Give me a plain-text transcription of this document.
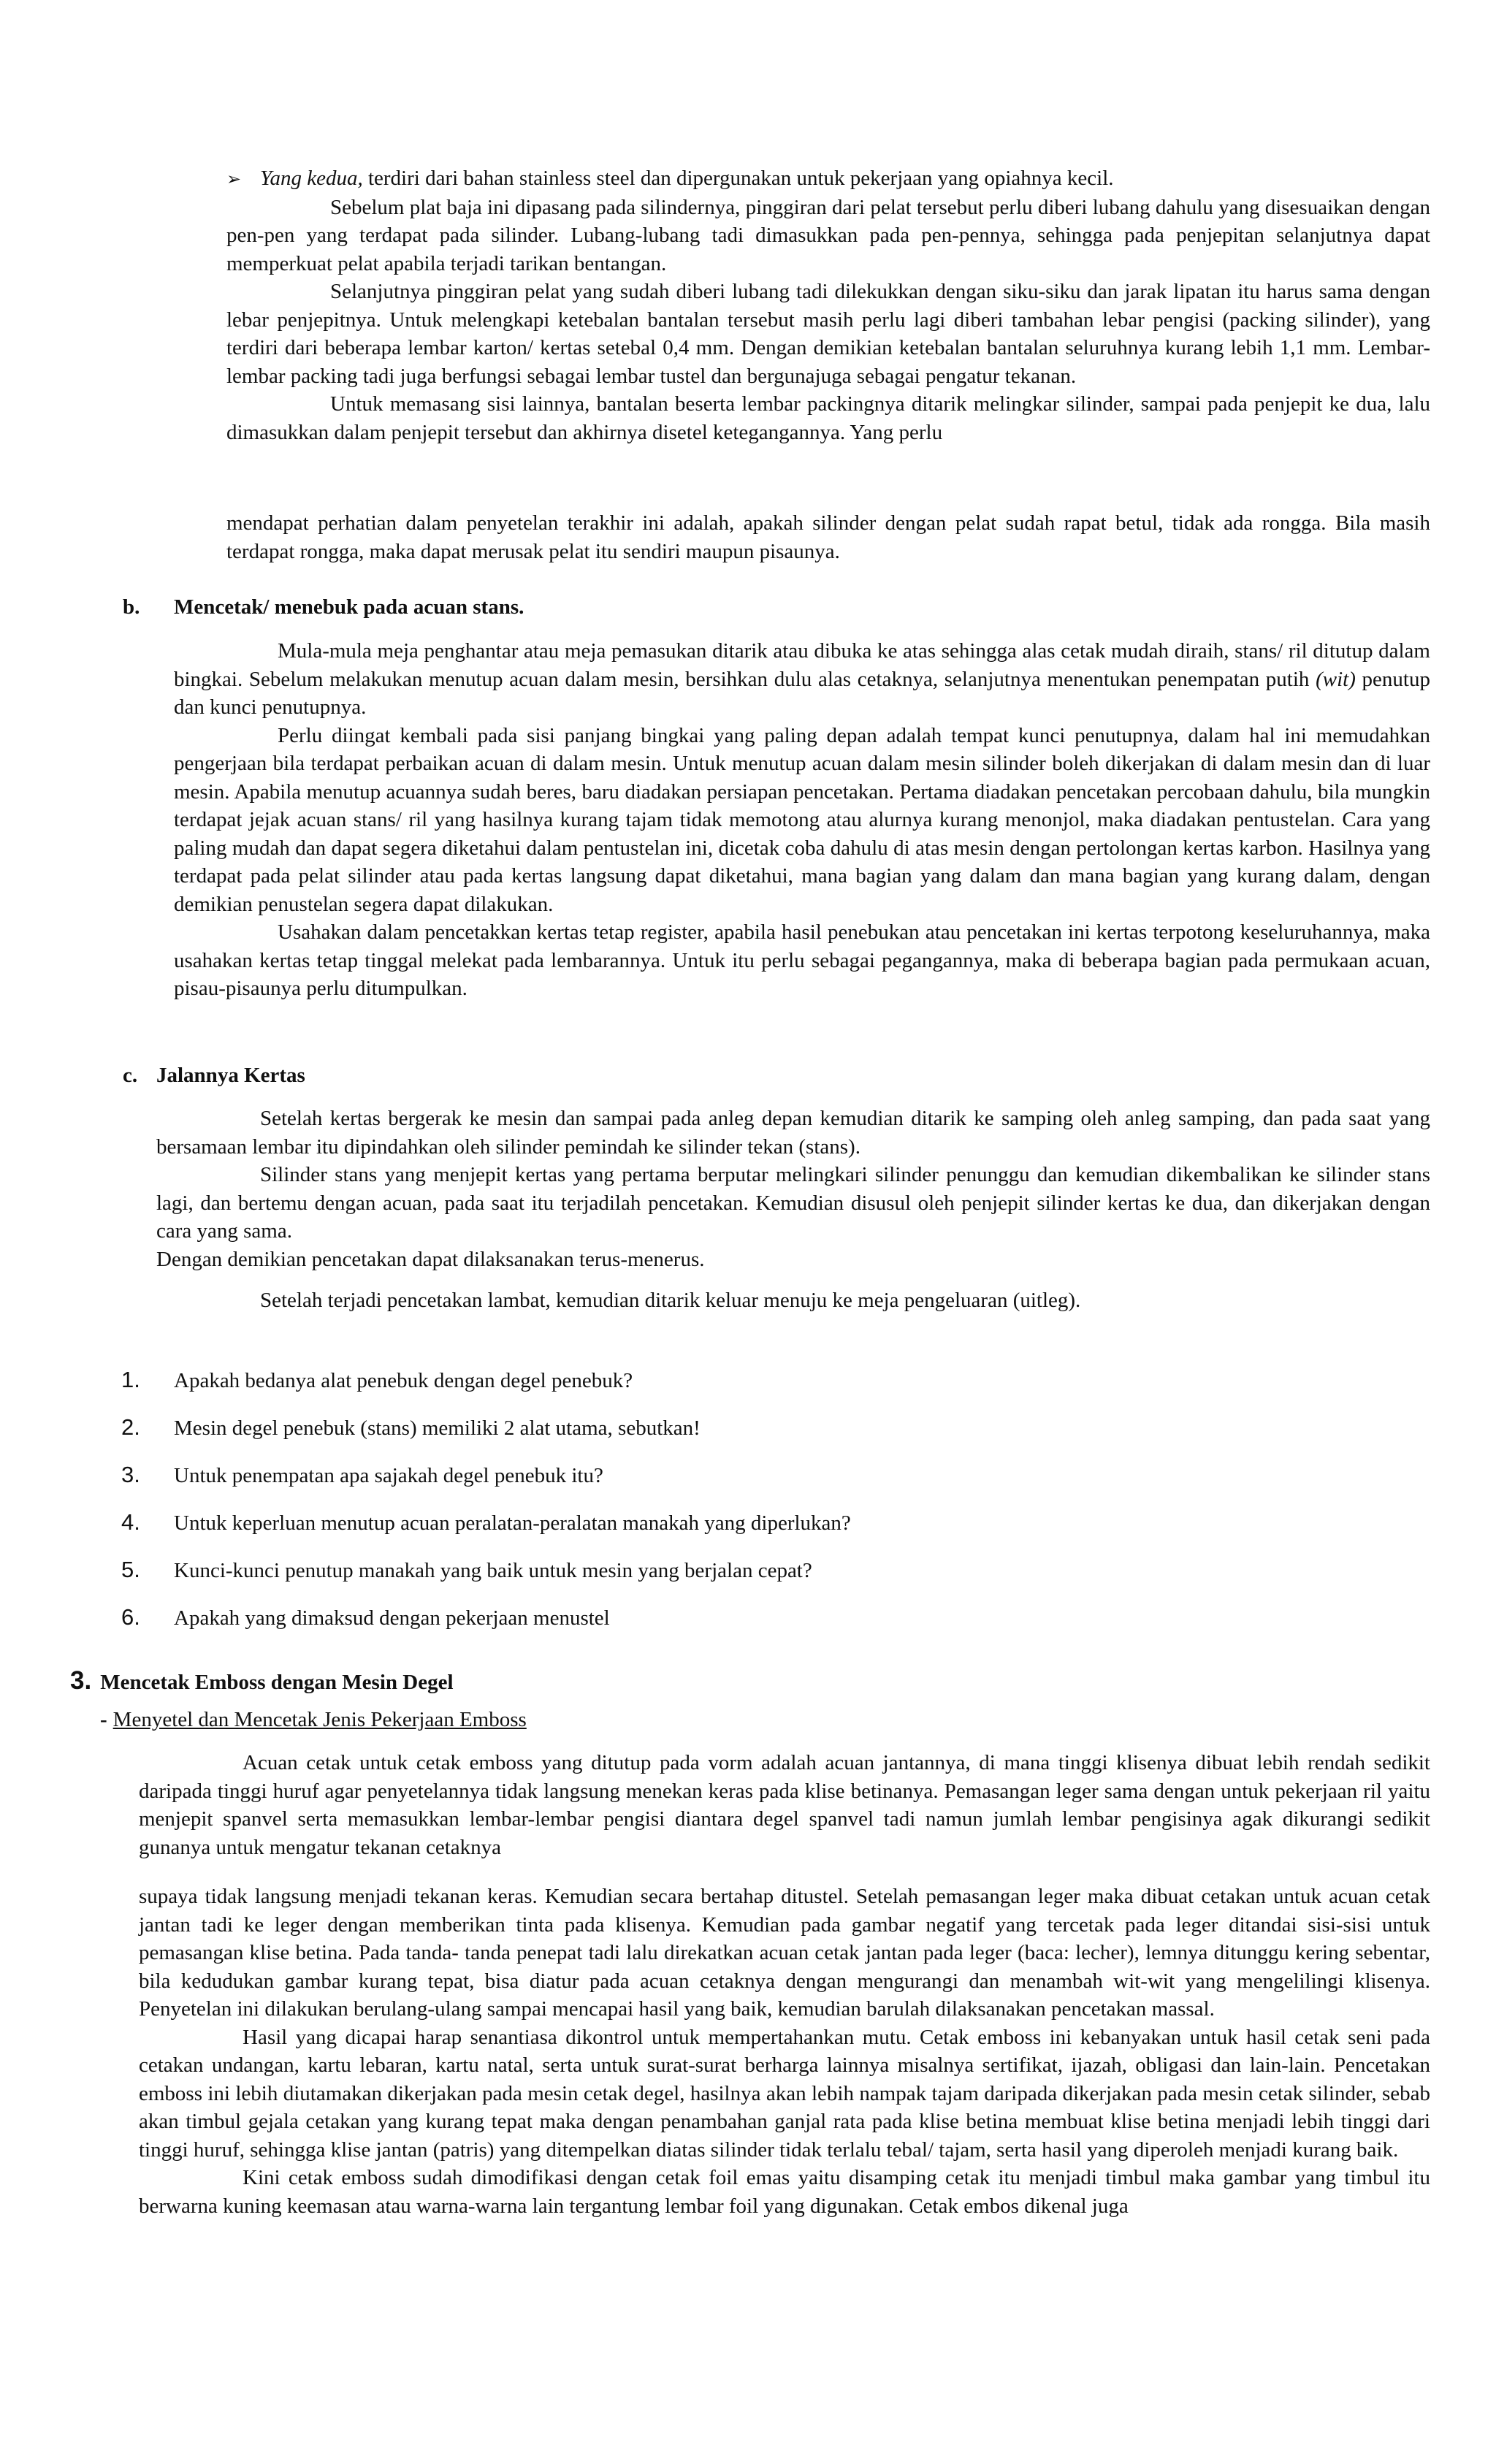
➢ Yang kedua, terdiri dari bahan stainless steel dan dipergunakan untuk pekerjaan yang opiahnya kecil.

Sebelum plat baja ini dipasang pada silindernya, pinggiran dari pelat tersebut perlu diberi lubang dahulu yang disesuaikan dengan pen-pen yang terdapat pada silinder. Lubang-lubang tadi dimasukkan pada pen-pennya, sehingga pada penjepitan selanjutnya dapat memperkuat pelat apabila terjadi tarikan bentangan.

Selanjutnya pinggiran pelat yang sudah diberi lubang tadi dilekukkan dengan siku-siku dan jarak lipatan itu harus sama dengan lebar penjepitnya. Untuk melengkapi ketebalan bantalan tersebut masih perlu lagi diberi tambahan lebar pengisi (packing silinder), yang terdiri dari beberapa lembar karton/ kertas setebal 0,4 mm. Dengan demikian ketebalan bantalan seluruhnya kurang lebih 1,1 mm. Lembar-lembar packing tadi juga berfungsi sebagai lembar tustel dan bergunajuga sebagai pengatur tekanan.

Untuk memasang sisi lainnya, bantalan beserta lembar packingnya ditarik melingkar silinder, sampai pada penjepit ke dua, lalu dimasukkan dalam penjepit tersebut dan akhirnya disetel ketegangannya. Yang perlu

mendapat perhatian dalam penyetelan terakhir ini adalah, apakah silinder dengan pelat sudah rapat betul, tidak ada rongga. Bila masih terdapat rongga, maka dapat merusak pelat itu sendiri maupun pisaunya.

b.	Mencetak/ menebuk pada acuan stans.

Mula-mula meja penghantar atau meja pemasukan ditarik atau dibuka ke atas sehingga alas cetak mudah diraih, stans/ ril ditutup dalam bingkai. Sebelum melakukan menutup acuan dalam mesin, bersihkan dulu alas cetaknya, selanjutnya menentukan penempatan putih (wit) penutup dan kunci penutupnya.

Perlu diingat kembali pada sisi panjang bingkai yang paling depan adalah tempat kunci penutupnya, dalam hal ini memudahkan pengerjaan bila terdapat perbaikan acuan di dalam mesin. Untuk menutup acuan dalam mesin silinder boleh dikerjakan di dalam mesin dan di luar mesin. Apabila menutup acuannya sudah beres, baru diadakan persiapan pencetakan. Pertama diadakan pencetakan percobaan dahulu, bila mungkin terdapat jejak acuan stans/ ril yang hasilnya kurang tajam tidak memotong atau alurnya kurang menonjol, maka diadakan pentustelan. Cara yang paling mudah dan dapat segera diketahui dalam pentustelan ini, dicetak coba dahulu di atas mesin dengan pertolongan kertas karbon. Hasilnya yang terdapat pada pelat silinder atau pada kertas langsung dapat diketahui, mana bagian yang dalam dan mana bagian yang kurang dalam, dengan demikian penustelan segera dapat dilakukan.

Usahakan dalam pencetakkan kertas tetap register, apabila hasil penebukan atau pencetakan ini kertas terpotong keseluruhannya, maka usahakan kertas tetap tinggal melekat pada lembarannya. Untuk itu perlu sebagai pegangannya, maka di beberapa bagian pada permukaan acuan, pisau-pisaunya perlu ditumpulkan.

c. Jalannya Kertas

Setelah kertas bergerak ke mesin dan sampai pada anleg depan kemudian ditarik ke samping oleh anleg samping, dan pada saat yang bersamaan lembar itu dipindahkan oleh silinder pemindah ke silinder tekan (stans).

Silinder stans yang menjepit kertas yang pertama berputar melingkari silinder penunggu dan kemudian dikembalikan ke silinder stans lagi, dan bertemu dengan acuan, pada saat itu terjadilah pencetakan. Kemudian disusul oleh penjepit silinder kertas ke dua, dan dikerjakan dengan cara yang sama.

Dengan demikian pencetakan dapat dilaksanakan terus-menerus.

Setelah terjadi pencetakan lambat, kemudian ditarik keluar menuju ke meja pengeluaran (uitleg).

1.	Apakah bedanya alat penebuk dengan degel penebuk?
2.	Mesin degel penebuk (stans) memiliki 2 alat utama, sebutkan!
3.	Untuk penempatan apa sajakah degel penebuk itu?
4.	Untuk keperluan menutup acuan peralatan-peralatan manakah yang diperlukan?
5.	Kunci-kunci penutup manakah yang baik untuk mesin yang berjalan cepat?
6.	Apakah yang dimaksud dengan pekerjaan menustel
3. Mencetak Emboss dengan Mesin Degel
- Menyetel dan Mencetak Jenis Pekerjaan Emboss

Acuan cetak untuk cetak emboss yang ditutup pada vorm adalah acuan jantannya, di mana tinggi klisenya dibuat lebih rendah sedikit daripada tinggi huruf agar penyetelannya tidak langsung menekan keras pada klise betinanya. Pemasangan leger sama dengan untuk pekerjaan ril yaitu menjepit spanvel serta memasukkan lembar-lembar pengisi diantara degel spanvel tadi namun jumlah lembar pengisinya agak dikurangi sedikit gunanya untuk mengatur tekanan cetaknya

supaya tidak langsung menjadi tekanan keras. Kemudian secara bertahap ditustel. Setelah pemasangan leger maka dibuat cetakan untuk acuan cetak jantan tadi ke leger dengan memberikan tinta pada klisenya. Kemudian pada gambar negatif yang tercetak pada leger ditandai sisi-sisi untuk pemasangan klise betina. Pada tanda- tanda penepat tadi lalu direkatkan acuan cetak jantan pada leger (baca: lecher), lemnya ditunggu kering sebentar, bila kedudukan gambar kurang tepat, bisa diatur pada acuan cetaknya dengan mengurangi dan menambah wit-wit yang mengelilingi klisenya. Penyetelan ini dilakukan berulang-ulang sampai mencapai hasil yang baik, kemudian barulah dilaksanakan pencetakan massal.

Hasil yang dicapai harap senantiasa dikontrol untuk mempertahankan mutu. Cetak emboss ini kebanyakan untuk hasil cetak seni pada cetakan undangan, kartu lebaran, kartu natal, serta untuk surat-surat berharga lainnya misalnya sertifikat, ijazah, obligasi dan lain-lain. Pencetakan emboss ini lebih diutamakan dikerjakan pada mesin cetak degel, hasilnya akan lebih nampak tajam daripada dikerjakan pada mesin cetak silinder, sebab akan timbul gejala cetakan yang kurang tepat maka dengan penambahan ganjal rata pada klise betina membuat klise betina menjadi lebih tinggi dari tinggi huruf, sehingga klise jantan (patris) yang ditempelkan diatas silinder tidak terlalu tebal/ tajam, serta hasil yang diperoleh menjadi kurang baik.

Kini cetak emboss sudah dimodifikasi dengan cetak foil emas yaitu disamping cetak itu menjadi timbul maka gambar yang timbul itu berwarna kuning keemasan atau warna-warna lain tergantung lembar foil yang digunakan. Cetak embos dikenal juga
